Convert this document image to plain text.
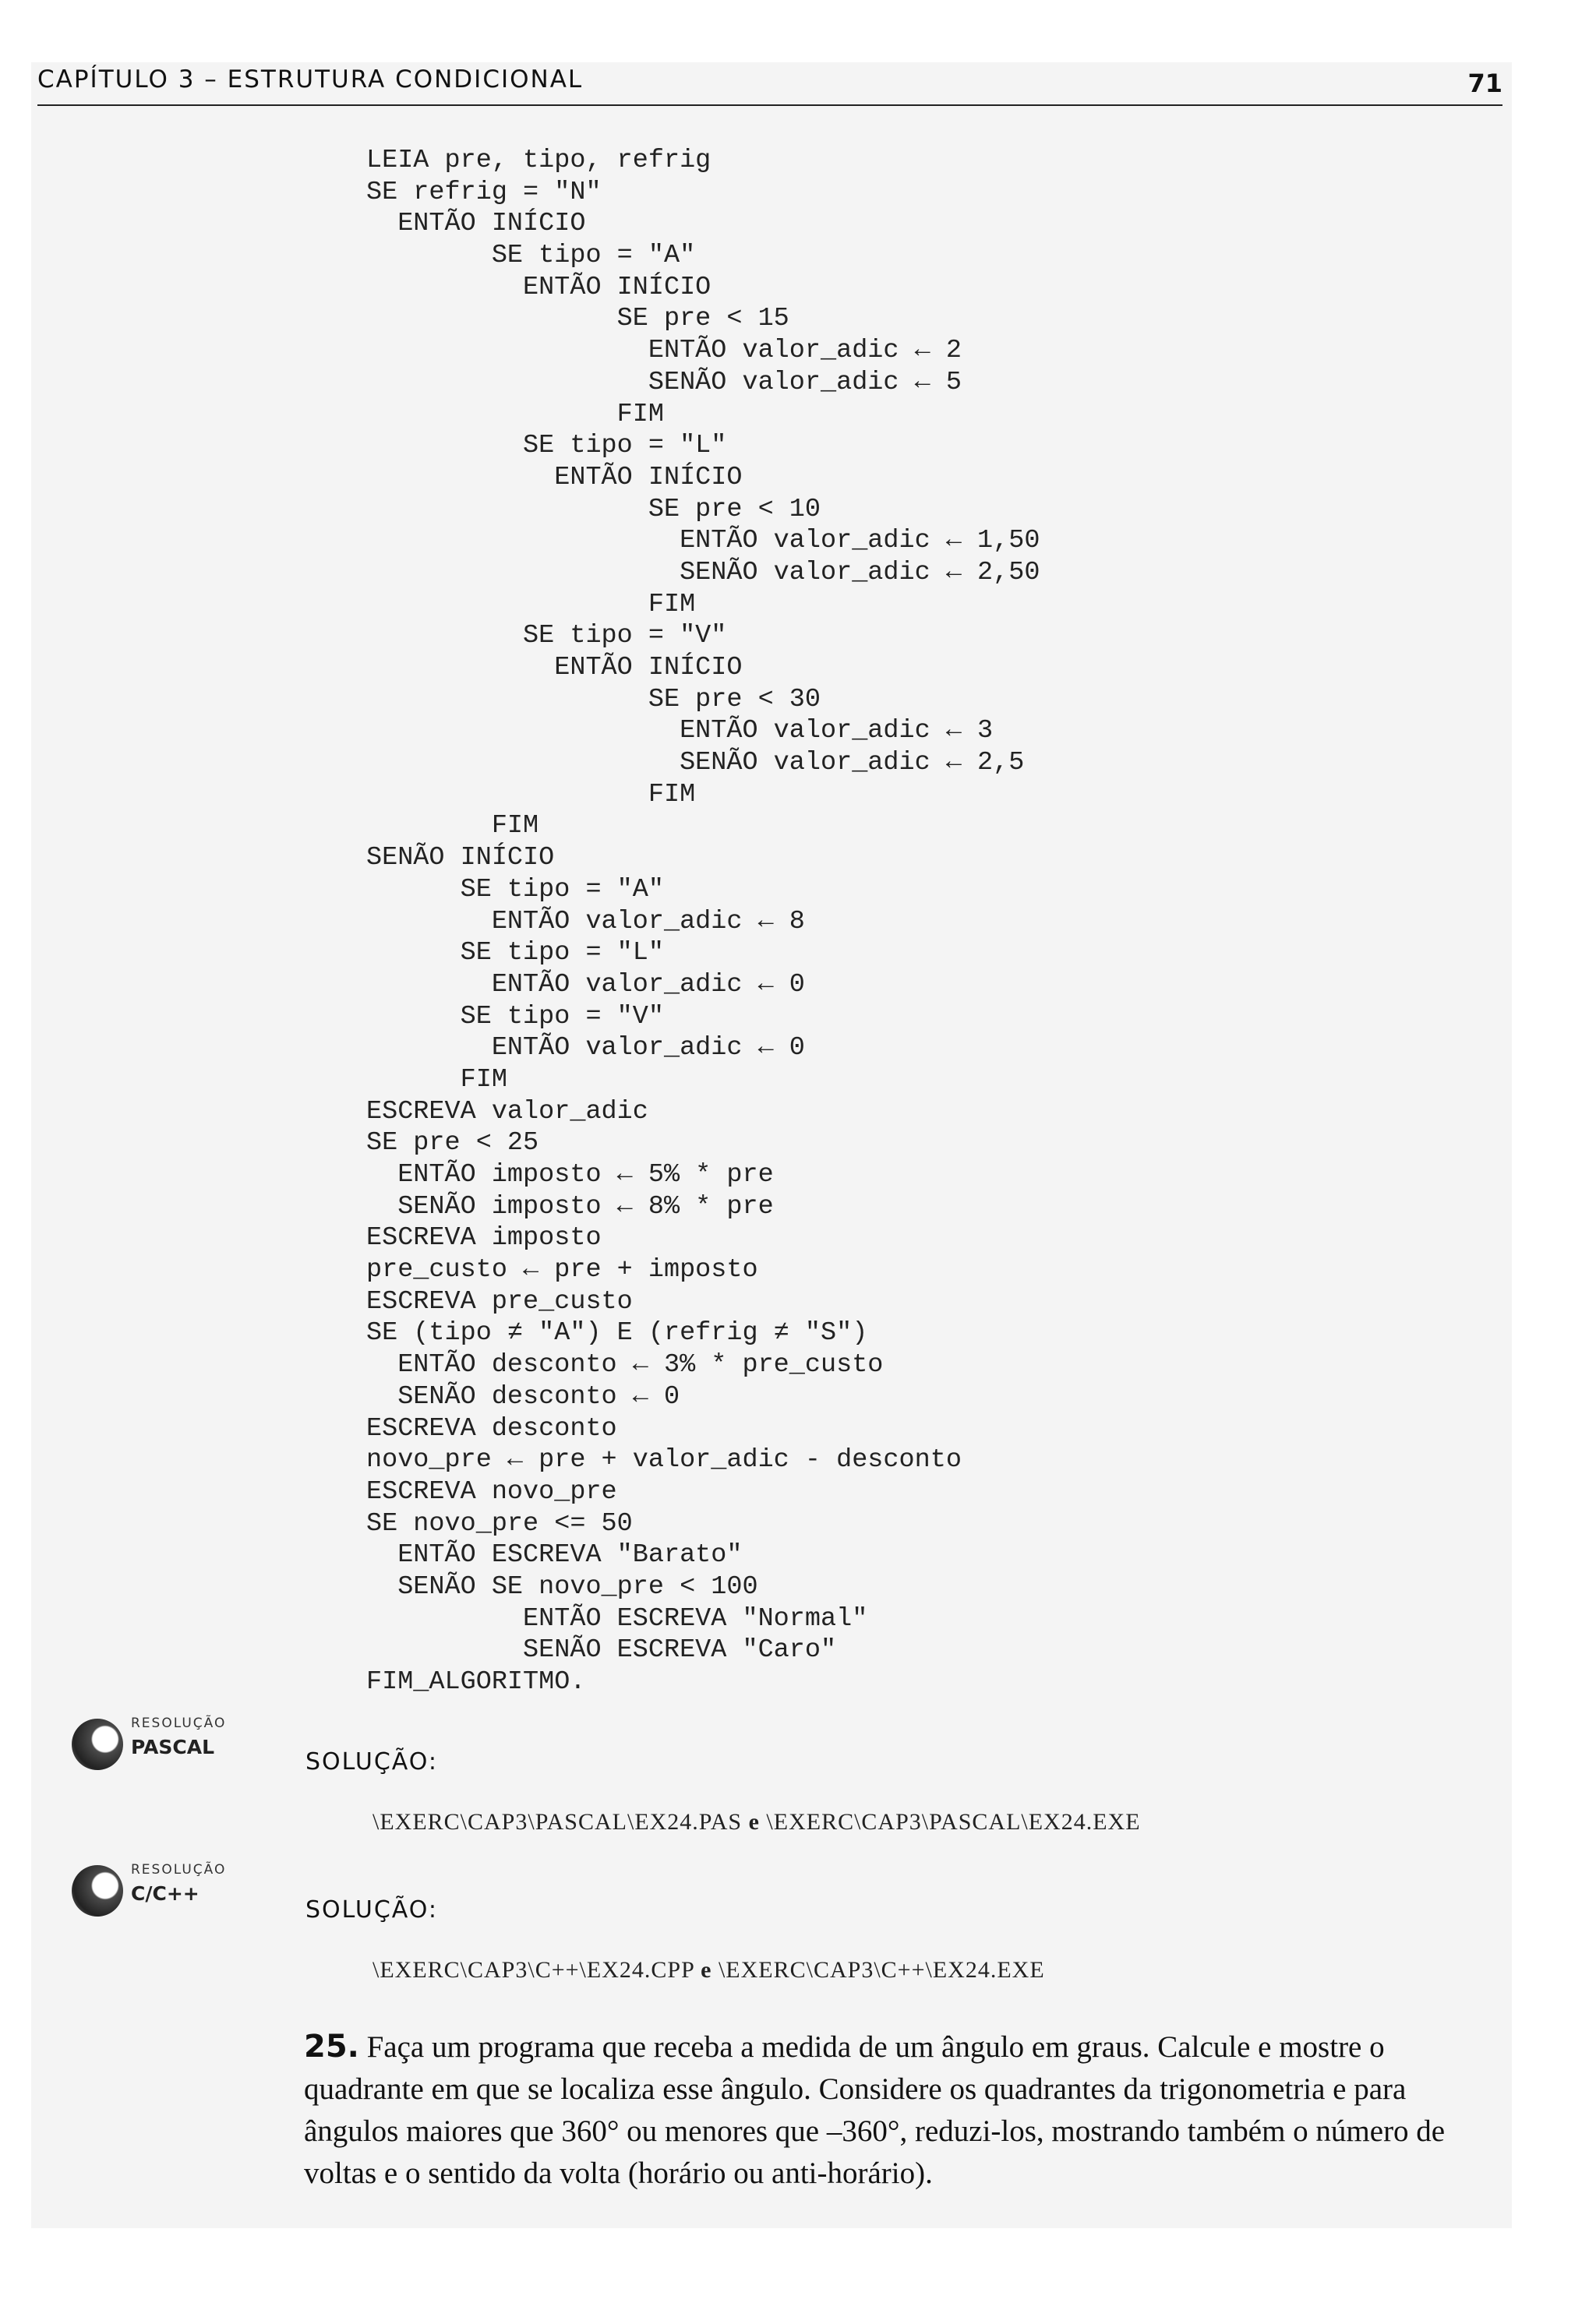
CAPÍTULO 3 – ESTRUTURA CONDICIONAL	71
LEIA pre, tipo, refrig
SE refrig = "N"
ENTÃO INÍCIO
SE tipo = "A"
ENTÃO INÍCIO
SE pre < 15
ENTÃO valor_adic ← 2
SENÃO valor_adic ← 5
FIM
SE tipo = "L"
ENTÃO INÍCIO
SE pre < 10
ENTÃO valor_adic ← 1,50
SENÃO valor_adic ← 2,50
FIM
SE tipo = "V"
ENTÃO INÍCIO
SE pre < 30
ENTÃO valor_adic ← 3
SENÃO valor_adic ← 2,5
FIM
FIM
SENÃO INÍCIO
SE tipo = "A"
ENTÃO valor_adic ← 8
SE tipo = "L"
ENTÃO valor_adic ← 0
SE tipo = "V"
ENTÃO valor_adic ← 0
FIM
ESCREVA valor_adic
SE pre < 25
ENTÃO imposto ← 5% * pre
SENÃO imposto ← 8% * pre
ESCREVA imposto
pre_custo ← pre + imposto
ESCREVA pre_custo
SE (tipo ≠ "A") E (refrig ≠ "S")
ENTÃO desconto ← 3% * pre_custo
SENÃO desconto ← 0
ESCREVA desconto
novo_pre ← pre + valor_adic - desconto
ESCREVA novo_pre
SE novo_pre <= 50
ENTÃO ESCREVA "Barato"
SENÃO SE novo_pre < 100
ENTÃO ESCREVA "Normal"
SENÃO ESCREVA "Caro"
FIM_ALGORITMO.
RESOLUÇÃO
PASCAL
SOLUÇÃO:
\EXERC\CAP3\PASCAL\EX24.PAS e \EXERC\CAP3\PASCAL\EX24.EXE
RESOLUÇÃO
C/C++
SOLUÇÃO:
\EXERC\CAP3\C++\EX24.CPP e \EXERC\CAP3\C++\EX24.EXE
25. Faça um programa que receba a medida de um ângulo em graus. Calcule e mostre o quadrante em que se localiza esse ângulo. Considere os quadrantes da trigonometria e para ângulos maiores que 360° ou menores que –360°, reduzi-los, mostrando também o número de voltas e o sentido da volta (horário ou anti-horário).
